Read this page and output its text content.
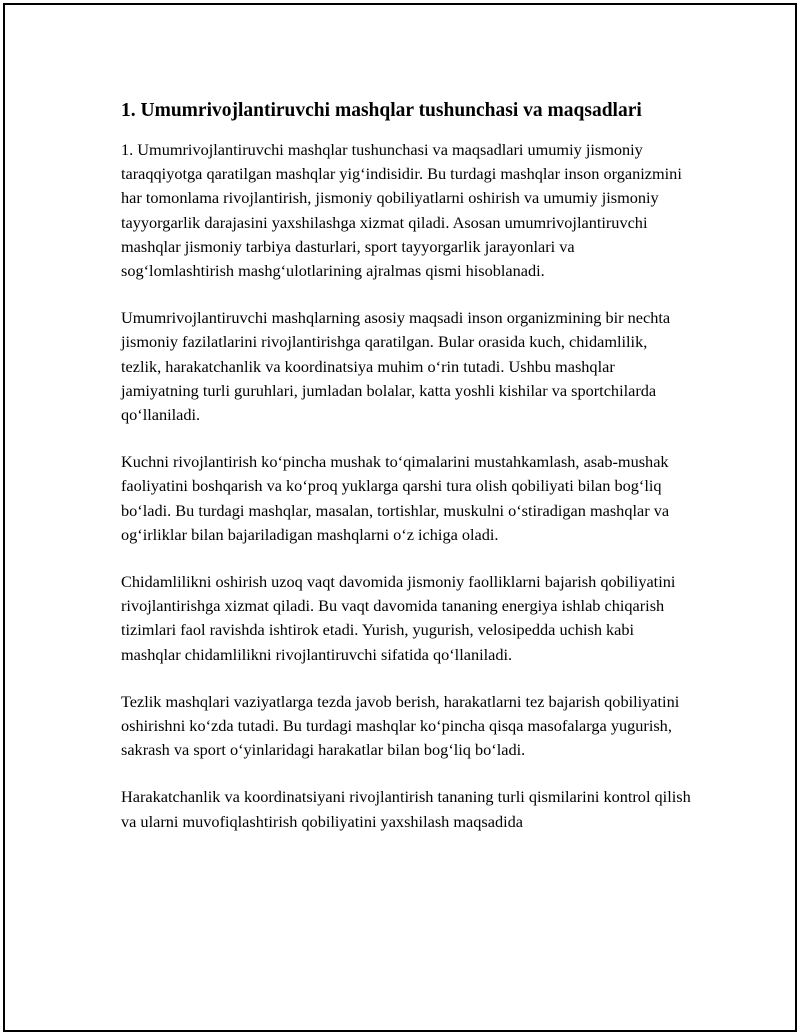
1. Umumrivojlantiruvchi mashqlar tushunchasi va maqsadlari

1. Umumrivojlantiruvchi mashqlar tushunchasi va maqsadlari umumiy jismoniy taraqqiyotga qaratilgan mashqlar yig‘indisidir. Bu turdagi mashqlar inson organizmini har tomonlama rivojlantirish, jismoniy qobiliyatlarni oshirish va umumiy jismoniy tayyorgarlik darajasini yaxshilashga xizmat qiladi. Asosan umumrivojlantiruvchi mashqlar jismoniy tarbiya dasturlari, sport tayyorgarlik jarayonlari va sog‘lomlashtirish mashg‘ulotlarining ajralmas qismi hisoblanadi.

Umumrivojlantiruvchi mashqlarning asosiy maqsadi inson organizmining bir nechta jismoniy fazilatlarini rivojlantirishga qaratilgan. Bular orasida kuch, chidamlilik, tezlik, harakatchanlik va koordinatsiya muhim o‘rin tutadi. Ushbu mashqlar jamiyatning turli guruhlari, jumladan bolalar, katta yoshli kishilar va sportchilarda qo‘llaniladi.

Kuchni rivojlantirish ko‘pincha mushak to‘qimalarini mustahkamlash, asab-mushak faoliyatini boshqarish va ko‘proq yuklarga qarshi tura olish qobiliyati bilan bog‘liq bo‘ladi. Bu turdagi mashqlar, masalan, tortishlar, muskulni o‘stiradigan mashqlar va og‘irliklar bilan bajariladigan mashqlarni o‘z ichiga oladi.

Chidamlilikni oshirish uzoq vaqt davomida jismoniy faolliklarni bajarish qobiliyatini rivojlantirishga xizmat qiladi. Bu vaqt davomida tananing energiya ishlab chiqarish tizimlari faol ravishda ishtirok etadi. Yurish, yugurish, velosipedda uchish kabi mashqlar chidamlilikni rivojlantiruvchi sifatida qo‘llaniladi.

Tezlik mashqlari vaziyatlarga tezda javob berish, harakatlarni tez bajarish qobiliyatini oshirishni ko‘zda tutadi. Bu turdagi mashqlar ko‘pincha qisqa masofalarga yugurish, sakrash va sport o‘yinlaridagi harakatlar bilan bog‘liq bo‘ladi.

Harakatchanlik va koordinatsiyani rivojlantirish tananing turli qismilarini kontrol qilish va ularni muvofiqlashtirish qobiliyatini yaxshilash maqsadida
